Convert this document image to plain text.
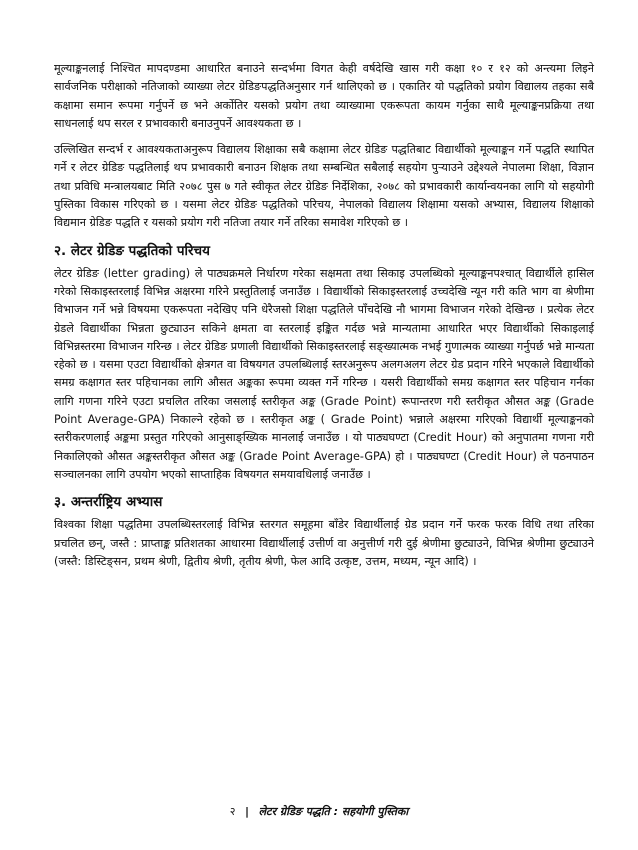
मूल्याङ्कनलाई निश्चित मापदण्डमा आधारित बनाउने सन्दर्भमा विगत केही वर्षदेखि खास गरी कक्षा १० र १२ को अन्त्यमा लिइने सार्वजनिक परीक्षाको नतिजाको व्याख्या लेटर ग्रेडिङपद्धतिअनुसार गर्न थालिएको छ । एकातिर यो पद्धतिको प्रयोग विद्यालय तहका सबै कक्षामा समान रूपमा गर्नुपर्ने छ भने अर्कोतिर यसको प्रयोग तथा व्याख्यामा एकरूपता कायम गर्नुका साथै मूल्याङ्कनप्रक्रिया तथा साधनलाई थप सरल र प्रभावकारी बनाउनुपर्ने आवश्यकता छ ।

उल्लिखित सन्दर्भ र आवश्यकताअनुरूप विद्यालय शिक्षाका सबै कक्षामा लेटर ग्रेडिङ पद्धतिबाट विद्यार्थीको मूल्याङ्कन गर्ने पद्धति स्थापित गर्ने र लेटर ग्रेडिङ पद्धतिलाई थप प्रभावकारी बनाउन शिक्षक तथा सम्बन्धित सबैलाई सहयोग पुऱ्याउने उद्देश्यले नेपालमा शिक्षा, विज्ञान तथा प्रविधि मन्त्रालयबाट मिति २०७८ पुस ७ गते स्वीकृत लेटर ग्रेडिङ निर्देशिका, २०७८ को प्रभावकारी कार्यान्वयनका लागि यो सहयोगी पुस्तिका विकास गरिएको छ । यसमा लेटर ग्रेडिङ पद्धतिको परिचय, नेपालको विद्यालय शिक्षामा यसको अभ्यास, विद्यालय शिक्षाको विद्यमान ग्रेडिङ पद्धति र यसको प्रयोग गरी नतिजा तयार गर्ने तरिका समावेश गरिएको छ ।

२. लेटर ग्रेडिङ पद्धतिको परिचय

लेटर ग्रेडिङ (letter grading) ले पाठ्यक्रमले निर्धारण गरेका सक्षमता तथा सिकाइ उपलब्धिको मूल्याङ्कनपश्चात् विद्यार्थीले हासिल गरेको सिकाइस्तरलाई विभिन्न अक्षरमा गरिने प्रस्तुतिलाई जनाउँछ । विद्यार्थीको सिकाइस्तरलाई उच्चदेखि न्यून गरी कति भाग वा श्रेणीमा विभाजन गर्ने भन्ने विषयमा एकरूपता नदेखिए पनि धेरैजसो शिक्षा पद्धतिले पाँचदेखि नौ भागमा विभाजन गरेको देखिन्छ । प्रत्येक लेटर ग्रेडले विद्यार्थीका भिन्नता छुट्याउन सकिने क्षमता वा स्तरलाई इङ्कित गर्दछ भन्ने मान्यतामा आधारित भएर विद्यार्थीको सिकाइलाई विभिन्नस्तरमा विभाजन गरिन्छ । लेटर ग्रेडिङ प्रणाली विद्यार्थीको सिकाइस्तरलाई सङ्ख्यात्मक नभई गुणात्मक व्याख्या गर्नुपर्छ भन्ने मान्यता रहेको छ । यसमा एउटा विद्यार्थीको क्षेत्रगत वा विषयगत उपलब्धिलाई स्तरअनुरूप अलगअलग लेटर ग्रेड प्रदान गरिने भएकाले विद्यार्थीको समग्र कक्षागत स्तर पहिचानका लागि औसत अङ्कका रूपमा व्यक्त गर्ने गरिन्छ । यसरी विद्यार्थीको समग्र कक्षागत स्तर पहिचान गर्नका लागि गणना गरिने एउटा प्रचलित तरिका जसलाई स्तरीकृत अङ्क (Grade Point) रूपान्तरण गरी स्तरीकृत औसत अङ्क (Grade Point Average-GPA) निकाल्ने रहेको छ । स्तरीकृत अङ्क ( Grade Point) भन्नाले अक्षरमा गरिएको विद्यार्थी मूल्याङ्कनको स्तरीकरणलाई अङ्कमा प्रस्तुत गरिएको आनुसाङ्ख्यिक मानलाई जनाउँछ । यो पाठ्यघण्टा (Credit Hour) को अनुपातमा गणना गरी निकालिएको औसत अङ्कस्तरीकृत औसत अङ्क (Grade Point Average-GPA) हो । पाठ्यघण्टा (Credit Hour) ले पठनपाठन सञ्चालनका लागि उपयोग भएको साप्ताहिक विषयगत समयावधिलाई जनाउँछ ।

३. अन्तर्राष्ट्रिय अभ्यास

विश्वका शिक्षा पद्धतिमा उपलब्धिस्तरलाई विभिन्न स्तरगत समूहमा बाँडेर विद्यार्थीलाई ग्रेड प्रदान गर्ने फरक फरक विधि तथा तरिका प्रचलित छन्, जस्तै : प्राप्ताङ्क प्रतिशतका आधारमा विद्यार्थीलाई उत्तीर्ण वा अनुत्तीर्ण गरी दुई श्रेणीमा छुट्याउने, विभिन्न श्रेणीमा छुट्याउने (जस्तै: डिस्टिङ्सन, प्रथम श्रेणी, द्वितीय श्रेणी, तृतीय श्रेणी, फेल आदि उत्कृष्ट, उत्तम, मध्यम, न्यून आदि) ।

२ | लेटर ग्रेडिङ पद्धति : सहयोगी पुस्तिका
